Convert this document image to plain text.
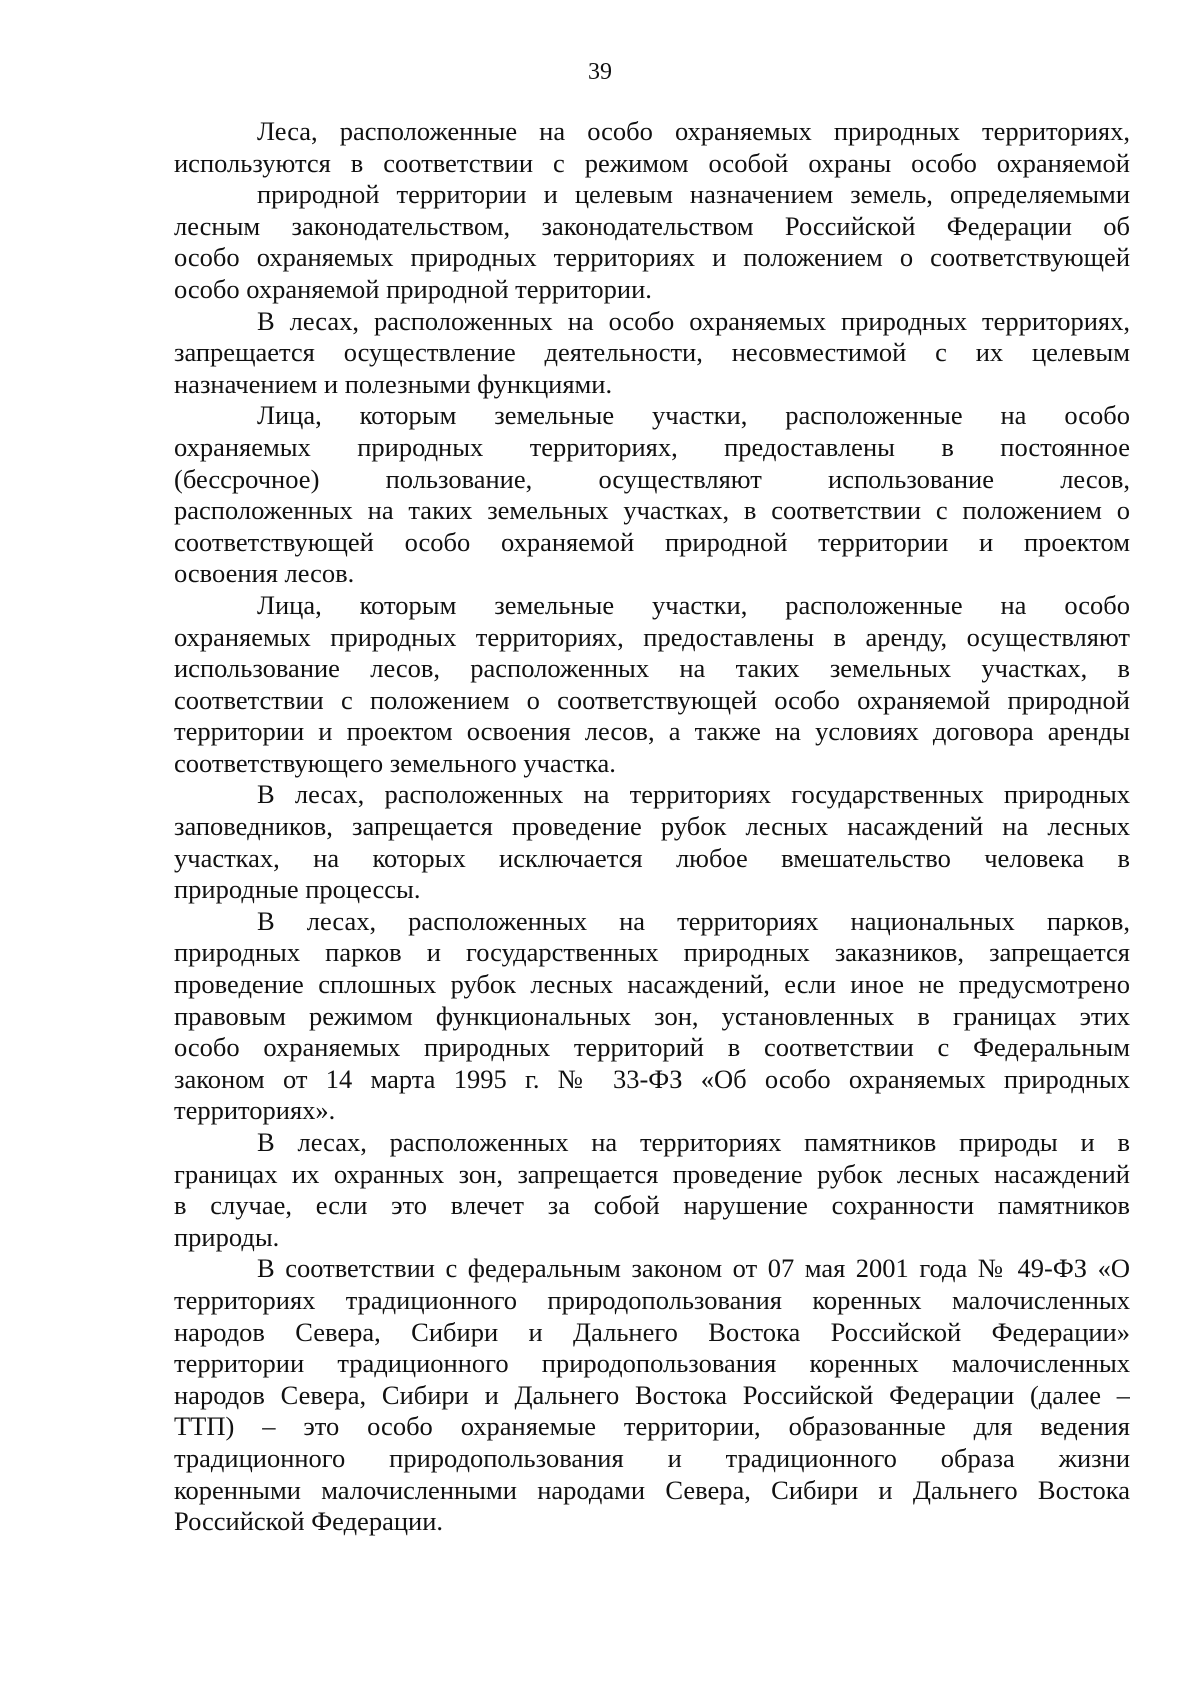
39
Леса, расположенные на особо охраняемых природных территориях,
используются в соответствии с режимом особой охраны особо охраняемой
природной территории и целевым назначением земель, определяемыми
лесным законодательством, законодательством Российской Федерации об
особо охраняемых природных территориях и положением о соответствующей
особо охраняемой природной территории.
В лесах, расположенных на особо охраняемых природных территориях,
запрещается осуществление деятельности, несовместимой с их целевым
назначением и полезными функциями.
Лица, которым земельные участки, расположенные на особо
охраняемых природных территориях, предоставлены в постоянное
(бессрочное) пользование, осуществляют использование лесов,
расположенных на таких земельных участках, в соответствии с положением о
соответствующей особо охраняемой природной территории и проектом
освоения лесов.
Лица, которым земельные участки, расположенные на особо
охраняемых природных территориях, предоставлены в аренду, осуществляют
использование лесов, расположенных на таких земельных участках, в
соответствии с положением о соответствующей особо охраняемой природной
территории и проектом освоения лесов, а также на условиях договора аренды
соответствующего земельного участка.
В лесах, расположенных на территориях государственных природных
заповедников, запрещается проведение рубок лесных насаждений на лесных
участках, на которых исключается любое вмешательство человека в
природные процессы.
В лесах, расположенных на территориях национальных парков,
природных парков и государственных природных заказников, запрещается
проведение сплошных рубок лесных насаждений, если иное не предусмотрено
правовым режимом функциональных зон, установленных в границах этих
особо охраняемых природных территорий в соответствии с Федеральным
законом от 14 марта 1995 г. № 33-ФЗ «Об особо охраняемых природных
территориях».
В лесах, расположенных на территориях памятников природы и в
границах их охранных зон, запрещается проведение рубок лесных насаждений
в случае, если это влечет за собой нарушение сохранности памятников
природы.
В соответствии с федеральным законом от 07 мая 2001 года № 49-ФЗ «О
территориях традиционного природопользования коренных малочисленных
народов Севера, Сибири и Дальнего Востока Российской Федерации»
территории традиционного природопользования коренных малочисленных
народов Севера, Сибири и Дальнего Востока Российской Федерации (далее –
ТТП) – это особо охраняемые территории, образованные для ведения
традиционного природопользования и традиционного образа жизни
коренными малочисленными народами Севера, Сибири и Дальнего Востока
Российской Федерации.
